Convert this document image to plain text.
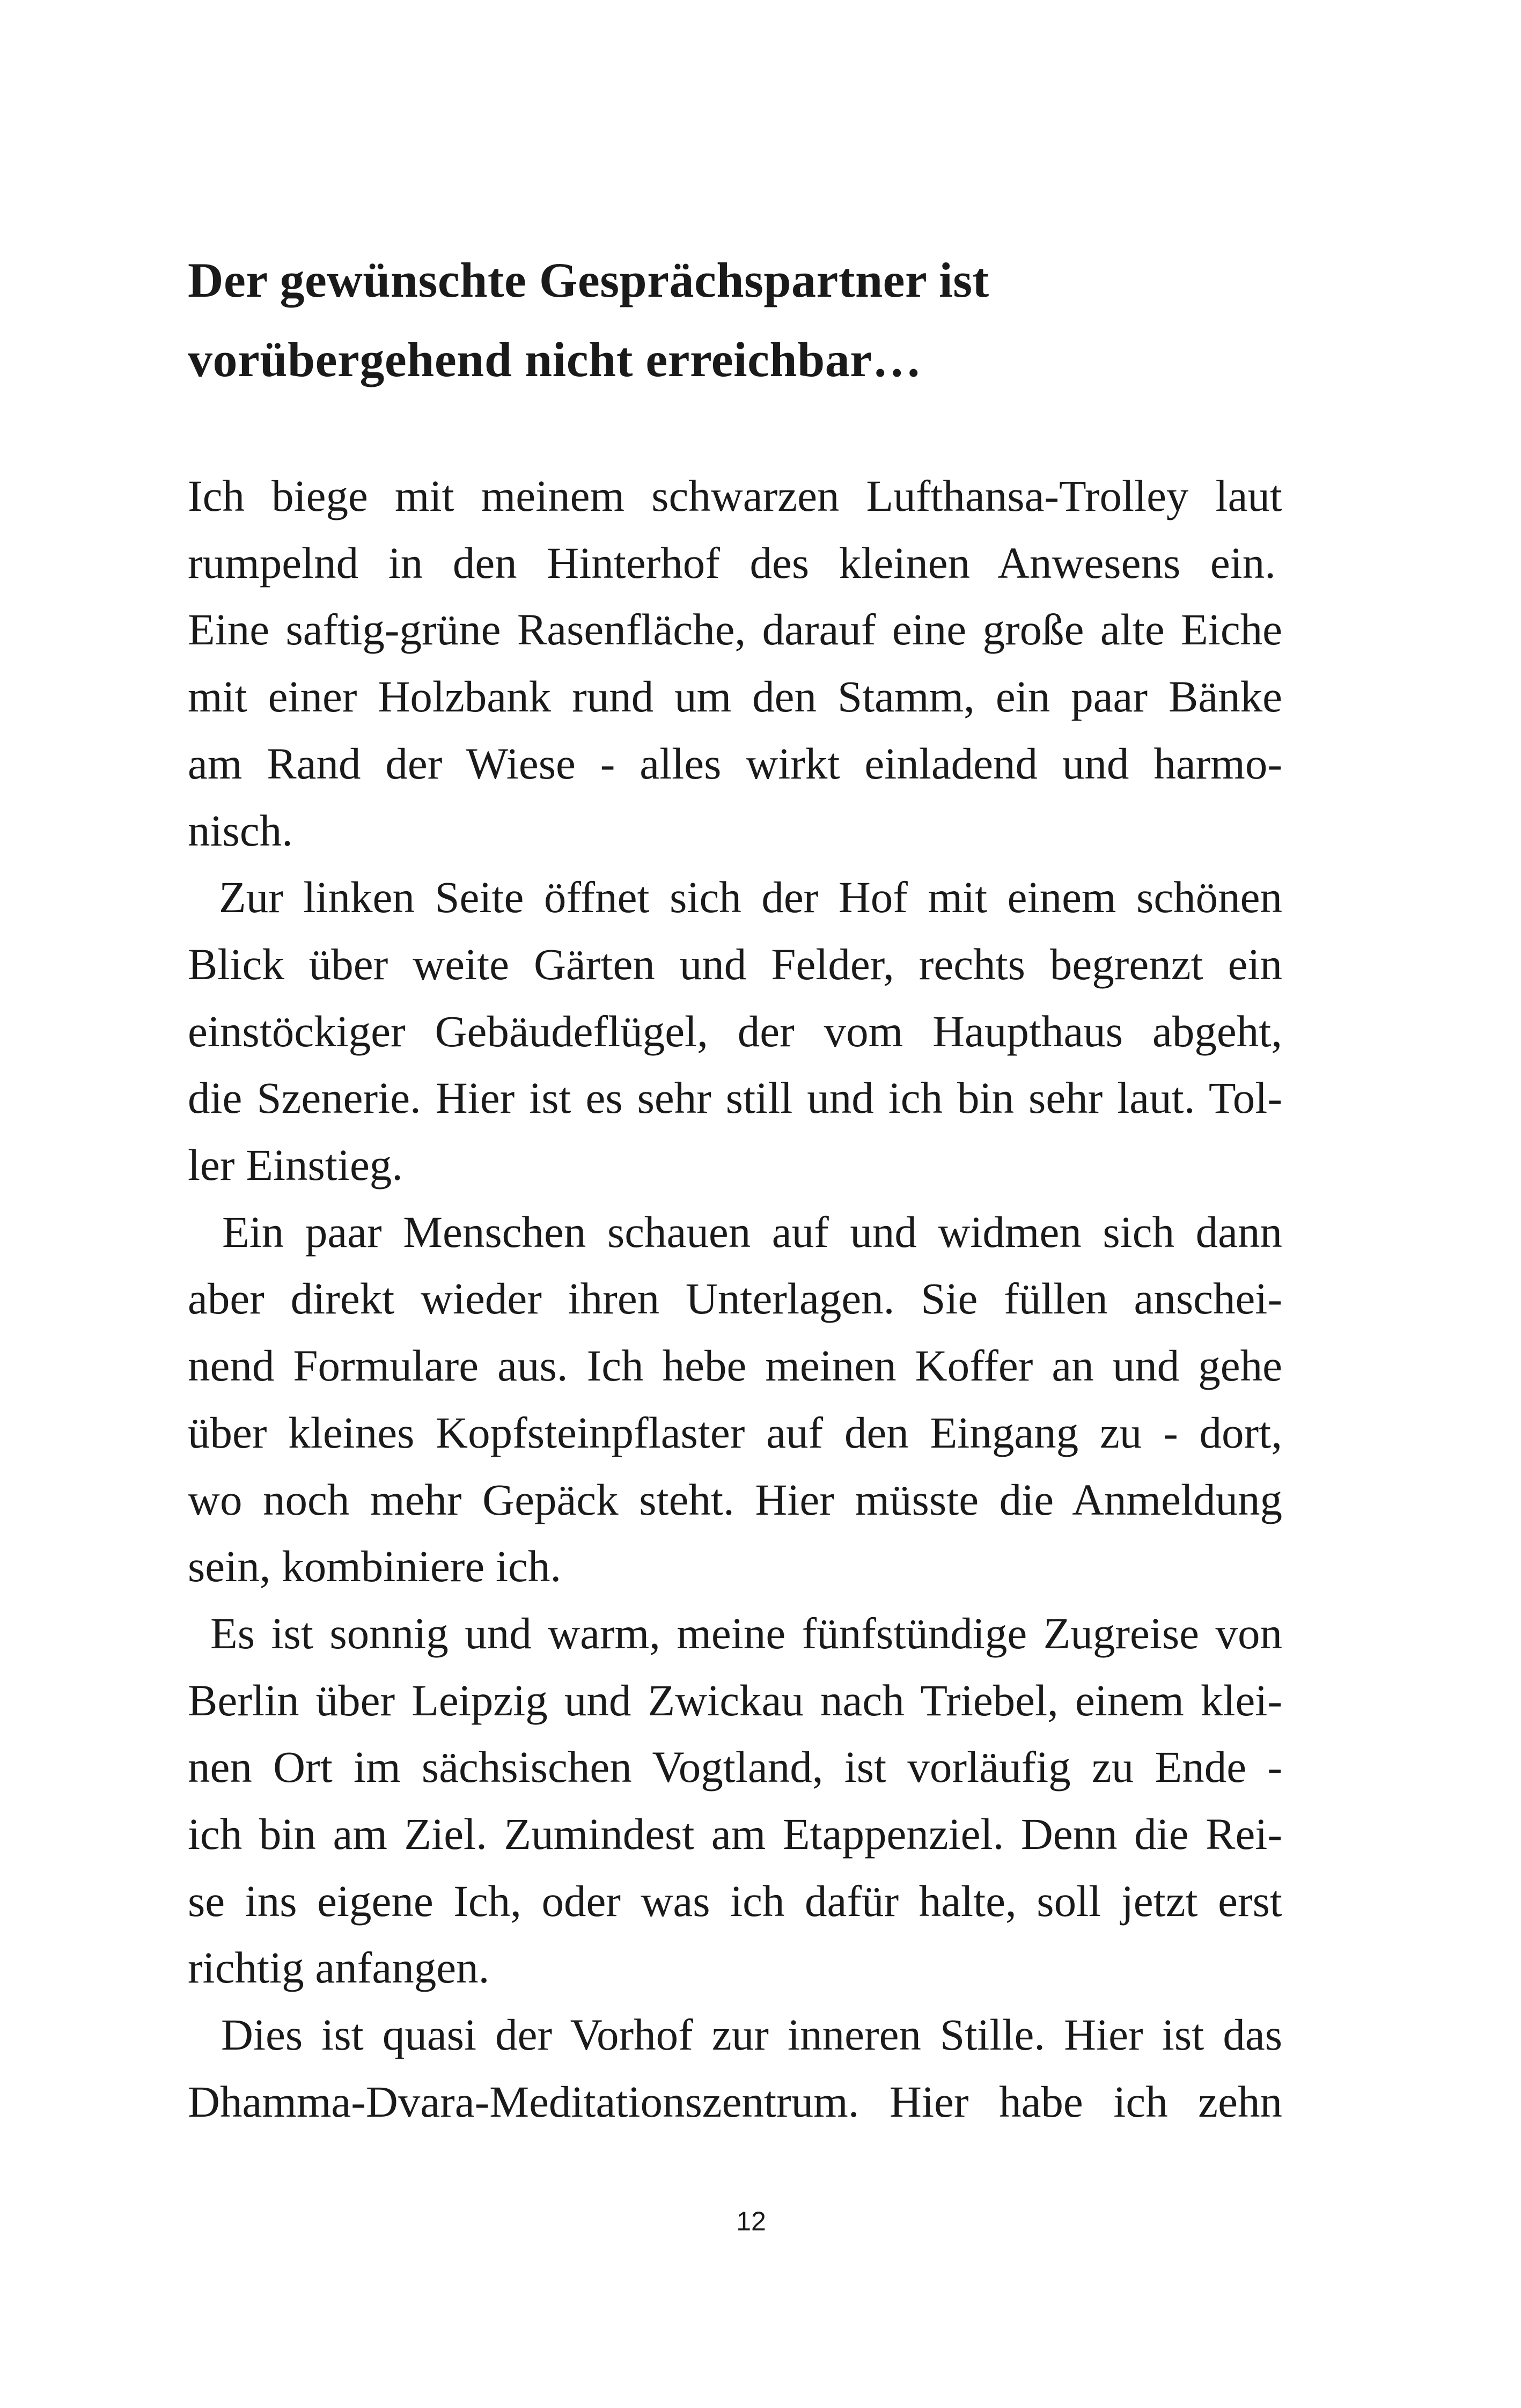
Der gewünschte Gesprächspartner ist
vorübergehend nicht erreichbar…

Ich biege mit meinem schwarzen Lufthansa-Trolley laut
rumpelnd in den Hinterhof des kleinen Anwesens ein.
Eine saftig-grüne Rasenfläche, darauf eine große alte Eiche
mit einer Holzbank rund um den Stamm, ein paar Bänke
am Rand der Wiese - alles wirkt einladend und harmo-
nisch.

Zur linken Seite öffnet sich der Hof mit einem schönen

Blick über weite Gärten und Felder, rechts begrenzt ein
einstöckiger Gebäudeflügel, der vom Haupthaus abgeht,
die Szenerie. Hier ist es sehr still und ich bin sehr laut. Tol-
ler Einstieg.

Ein paar Menschen schauen auf und widmen sich dann

aber direkt wieder ihren Unterlagen. Sie füllen anschei-
nend Formulare aus. Ich hebe meinen Koffer an und gehe
über kleines Kopfsteinpflaster auf den Eingang zu - dort,
wo noch mehr Gepäck steht. Hier müsste die Anmeldung
sein, kombiniere ich.

Es ist sonnig und warm, meine fünfstündige Zugreise von

Berlin über Leipzig und Zwickau nach Triebel, einem klei-
nen Ort im sächsischen Vogtland, ist vorläufig zu Ende -
ich bin am Ziel. Zumindest am Etappenziel. Denn die Rei-
se ins eigene Ich, oder was ich dafür halte, soll jetzt erst
richtig anfangen.

Dies ist quasi der Vorhof zur inneren Stille. Hier ist das

Dhamma-Dvara-Meditationszentrum. Hier habe ich zehn

12
